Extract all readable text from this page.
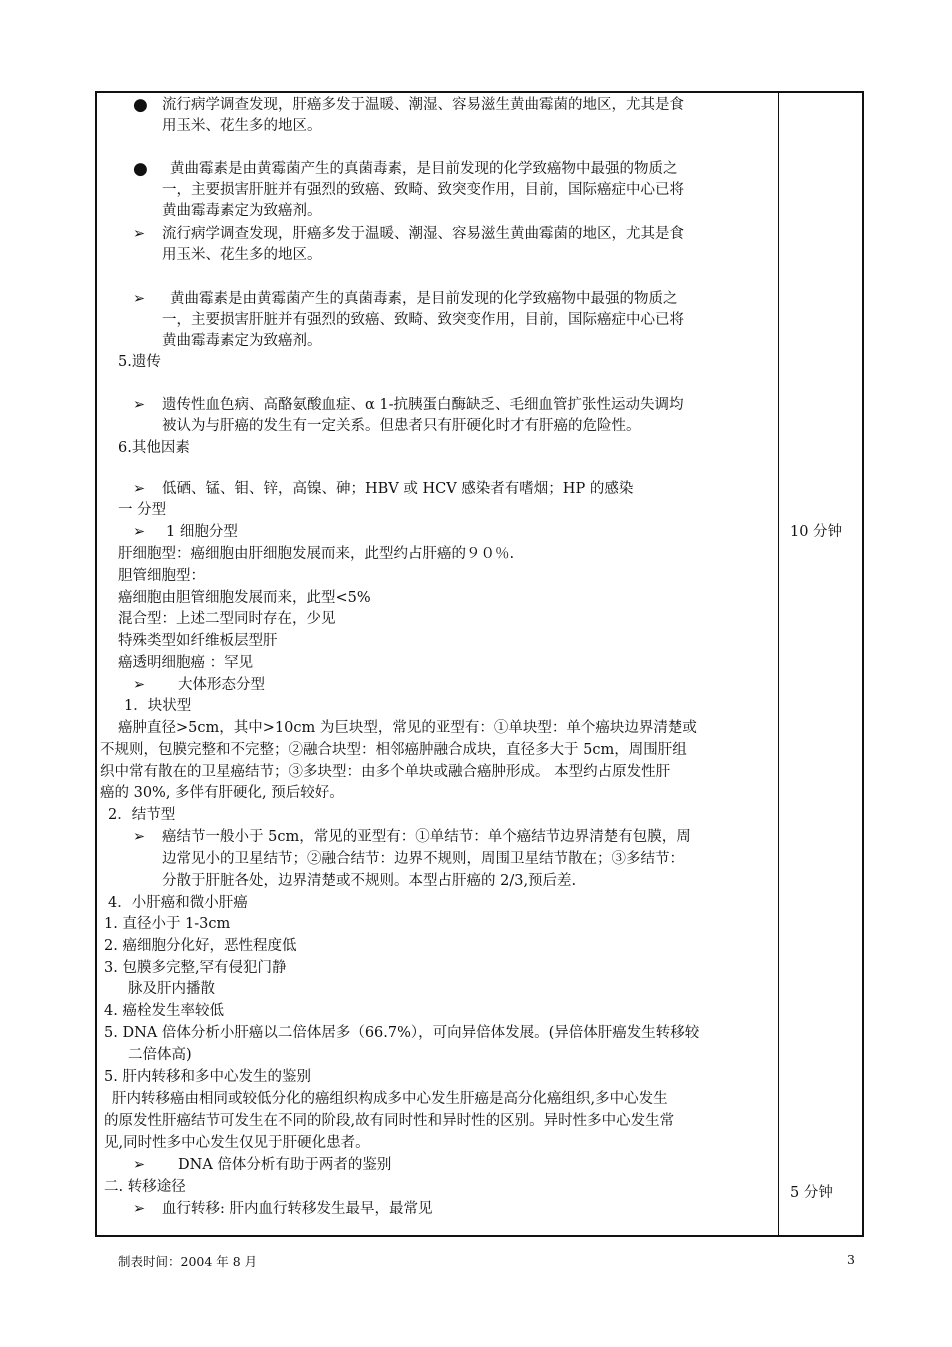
● 流行病学调查发现，肝癌多发于温暖、潮湿、容易滋生黄曲霉菌的地区，尤其是食
用玉米、花生多的地区。
● 黄曲霉素是由黄霉菌产生的真菌毒素，是目前发现的化学致癌物中最强的物质之
一，主要损害肝脏并有强烈的致癌、致畸、致突变作用，目前，国际癌症中心已将
黄曲霉毒素定为致癌剂。
➢ 流行病学调查发现，肝癌多发于温暖、潮湿、容易滋生黄曲霉菌的地区，尤其是食
用玉米、花生多的地区。
➢ 黄曲霉素是由黄霉菌产生的真菌毒素，是目前发现的化学致癌物中最强的物质之
一，主要损害肝脏并有强烈的致癌、致畸、致突变作用，目前，国际癌症中心已将
黄曲霉毒素定为致癌剂。
5.遗传
➢ 遗传性血色病、高酪氨酸血症、α 1-抗胰蛋白酶缺乏、毛细血管扩张性运动失调均
被认为与肝癌的发生有一定关系。但患者只有肝硬化时才有肝癌的危险性。
6.其他因素
➢ 低硒、锰、钼、锌，高镍、砷；HBV 或 HCV 感染者有嗜烟；HP 的感染
一 分型
➢ 1 细胞分型
肝细胞型：癌细胞由肝细胞发展而来，此型约占肝癌的９０％.
胆管细胞型：
癌细胞由胆管细胞发展而来，此型<5%
混合型：上述二型同时存在，少见
特殊类型如纤维板层型肝
癌透明细胞癌 ：罕见
➢ 大体形态分型
1．块状型
癌肿直径>5cm，其中>10cm 为巨块型，常见的亚型有：①单块型：单个癌块边界清楚或
不规则，包膜完整和不完整；②融合块型：相邻癌肿融合成块，直径多大于 5cm，周围肝组
织中常有散在的卫星癌结节；③多块型：由多个单块或融合癌肿形成。 本型约占原发性肝
癌的 30%, 多伴有肝硬化, 预后较好。
2．结节型
➢ 癌结节一般小于 5cm，常见的亚型有：①单结节：单个癌结节边界清楚有包膜，周
边常见小的卫星结节；②融合结节：边界不规则，周围卫星结节散在；③多结节：
分散于肝脏各处，边界清楚或不规则。本型占肝癌的 2/3,预后差.
4．小肝癌和微小肝癌
1. 直径小于 1-3cm
2. 癌细胞分化好，恶性程度低
3. 包膜多完整,罕有侵犯门静
脉及肝内播散
4. 癌栓发生率较低
5. DNA 倍体分析小肝癌以二倍体居多（66.7%），可向异倍体发展。(异倍体肝癌发生转移较
二倍体高)
5. 肝内转移和多中心发生的鉴别
肝内转移癌由相同或较低分化的癌组织构成多中心发生肝癌是高分化癌组织,多中心发生
的原发性肝癌结节可发生在不同的阶段,故有同时性和异时性的区别。异时性多中心发生常
见,同时性多中心发生仅见于肝硬化患者。
➢ DNA 倍体分析有助于两者的鉴别
二. 转移途径
➢ 血行转移: 肝内血行转移发生最早，最常见
10 分钟
5 分钟
制表时间：2004 年 8 月	3
